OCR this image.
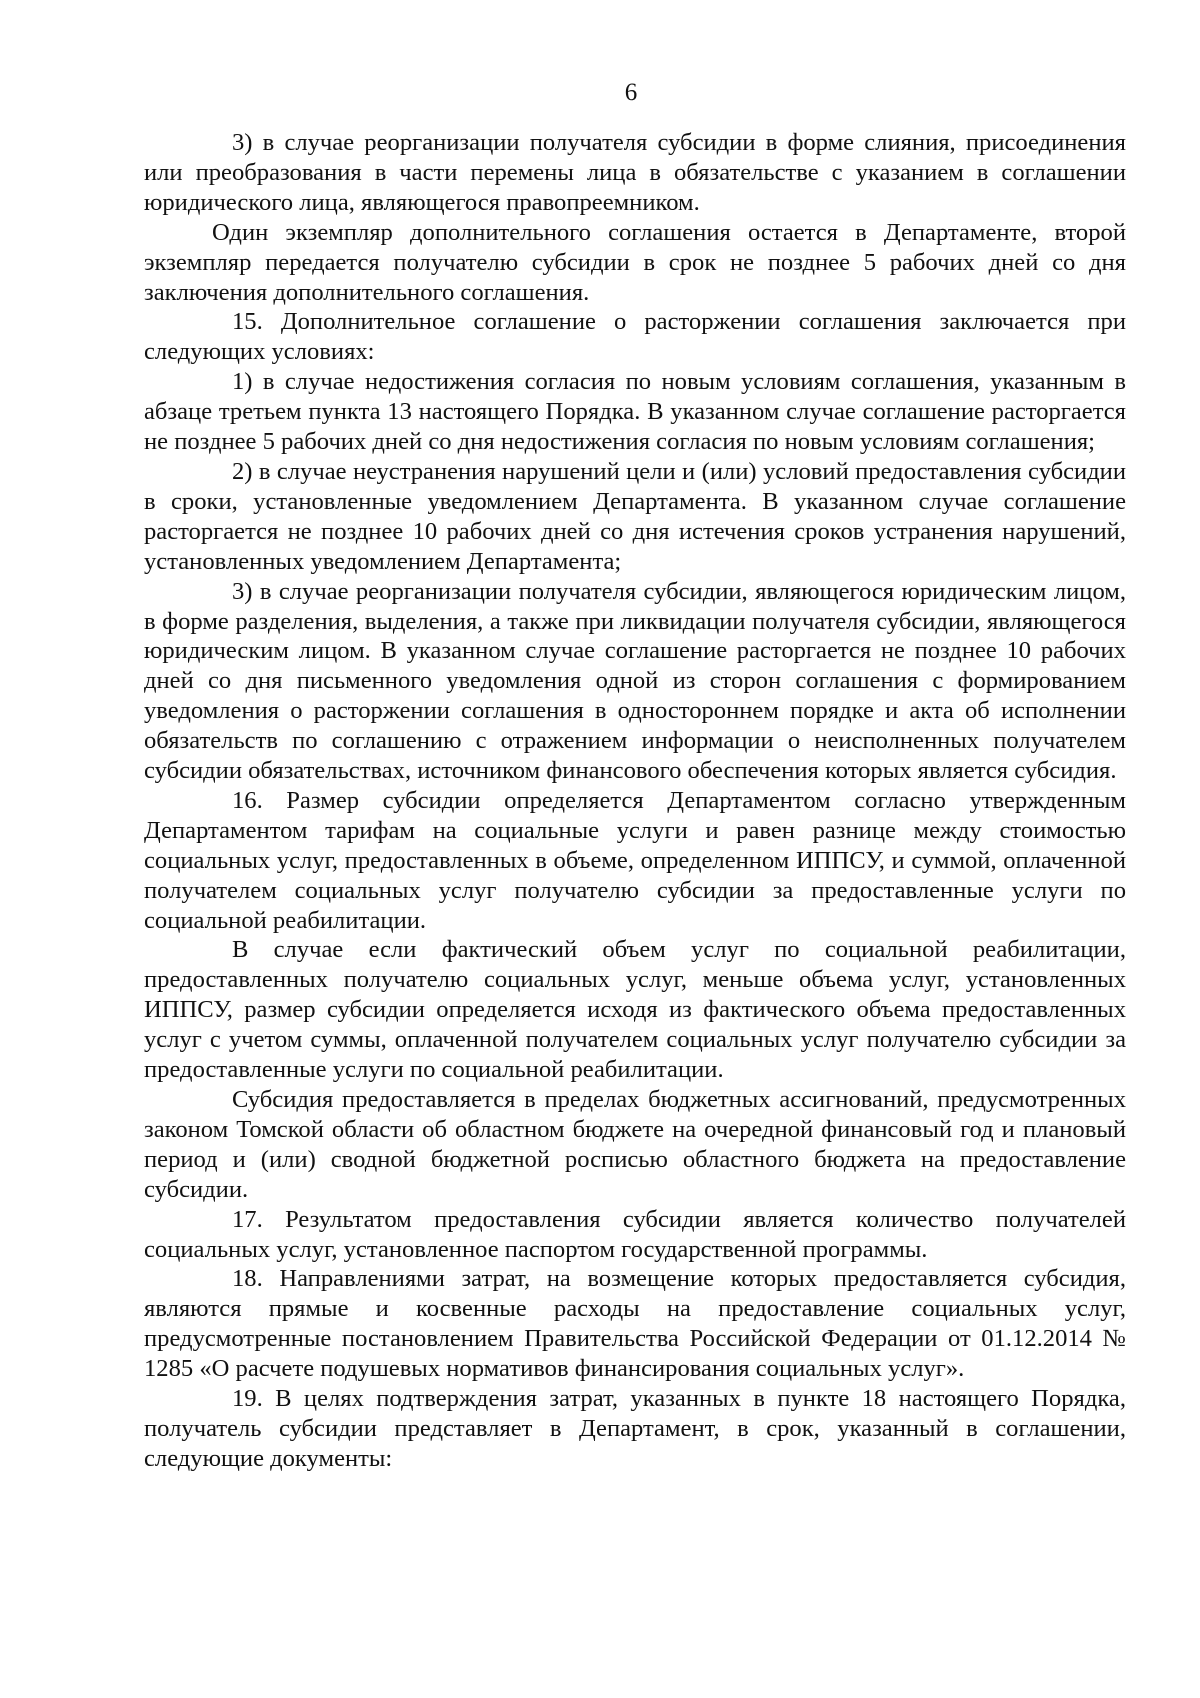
6

3) в случае реорганизации получателя субсидии в форме слияния, присоединения или преобразования в части перемены лица в обязательстве с указанием в соглашении юридического лица, являющегося правопреемником.

Один экземпляр дополнительного соглашения остается в Департаменте, второй экземпляр передается получателю субсидии в срок не позднее 5 рабочих дней со дня заключения дополнительного соглашения.

15. Дополнительное соглашение о расторжении соглашения заключается при следующих условиях:

1) в случае недостижения согласия по новым условиям соглашения, указанным в абзаце третьем пункта 13 настоящего Порядка. В указанном случае соглашение расторгается не позднее 5 рабочих дней со дня недостижения согласия по новым условиям соглашения;

2) в случае неустранения нарушений цели и (или) условий предоставления субсидии в сроки, установленные уведомлением Департамента. В указанном случае соглашение расторгается не позднее 10 рабочих дней со дня истечения сроков устранения нарушений, установленных уведомлением Департамента;

3) в случае реорганизации получателя субсидии, являющегося юридическим лицом, в форме разделения, выделения, а также при ликвидации получателя субсидии, являющегося юридическим лицом. В указанном случае соглашение расторгается не позднее 10 рабочих дней со дня письменного уведомления одной из сторон соглашения с формированием уведомления о расторжении соглашения в одностороннем порядке и акта об исполнении обязательств по соглашению с отражением информации о неисполненных получателем субсидии обязательствах, источником финансового обеспечения которых является субсидия.

16. Размер субсидии определяется Департаментом согласно утвержденным Департаментом тарифам на социальные услуги и равен разнице между стоимостью социальных услуг, предоставленных в объеме, определенном ИППСУ, и суммой, оплаченной получателем социальных услуг получателю субсидии за предоставленные услуги по социальной реабилитации.

В случае если фактический объем услуг по социальной реабилитации, предоставленных получателю социальных услуг, меньше объема услуг, установленных ИППСУ, размер субсидии определяется исходя из фактического объема предоставленных услуг с учетом суммы, оплаченной получателем социальных услуг получателю субсидии за предоставленные услуги по социальной реабилитации.

Субсидия предоставляется в пределах бюджетных ассигнований, предусмотренных законом Томской области об областном бюджете на очередной финансовый год и плановый период и (или) сводной бюджетной росписью областного бюджета на предоставление субсидии.

17. Результатом предоставления субсидии является количество получателей социальных услуг, установленное паспортом государственной программы.

18. Направлениями затрат, на возмещение которых предоставляется субсидия, являются прямые и косвенные расходы на предоставление социальных услуг, предусмотренные постановлением Правительства Российской Федерации от 01.12.2014 № 1285 «О расчете подушевых нормативов финансирования социальных услуг».

19. В целях подтверждения затрат, указанных в пункте 18 настоящего Порядка, получатель субсидии представляет в Департамент, в срок, указанный в соглашении, следующие документы:
